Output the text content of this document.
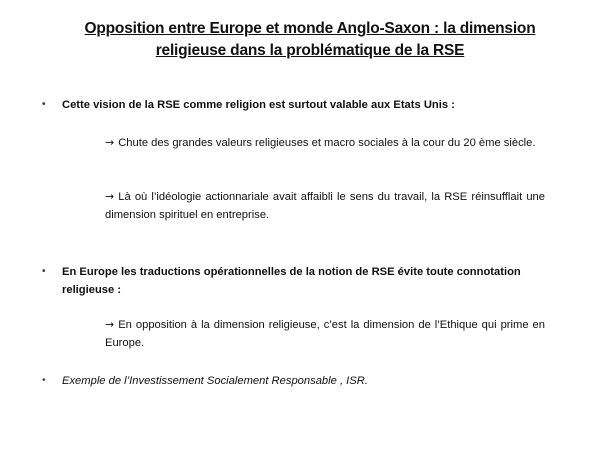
Opposition entre Europe et monde Anglo-Saxon : la dimension
religieuse dans la problématique de la RSE
• Cette vision de la RSE comme religion est surtout valable aux Etats Unis :
→ Chute des grandes valeurs religieuses et macro sociales à la cour du 20 ème siècle.
→ Là où l’idéologie actionnariale avait affaibli le sens du travail, la RSE réinsufflait une dimension spirituel en entreprise.
• En Europe les traductions opérationnelles de la notion de RSE évite toute connotation religieuse :
→ En opposition à la dimension religieuse, c’est la dimension de l’Ethique qui prime en Europe.
• Exemple de l’Investissement Socialement Responsable , ISR.
